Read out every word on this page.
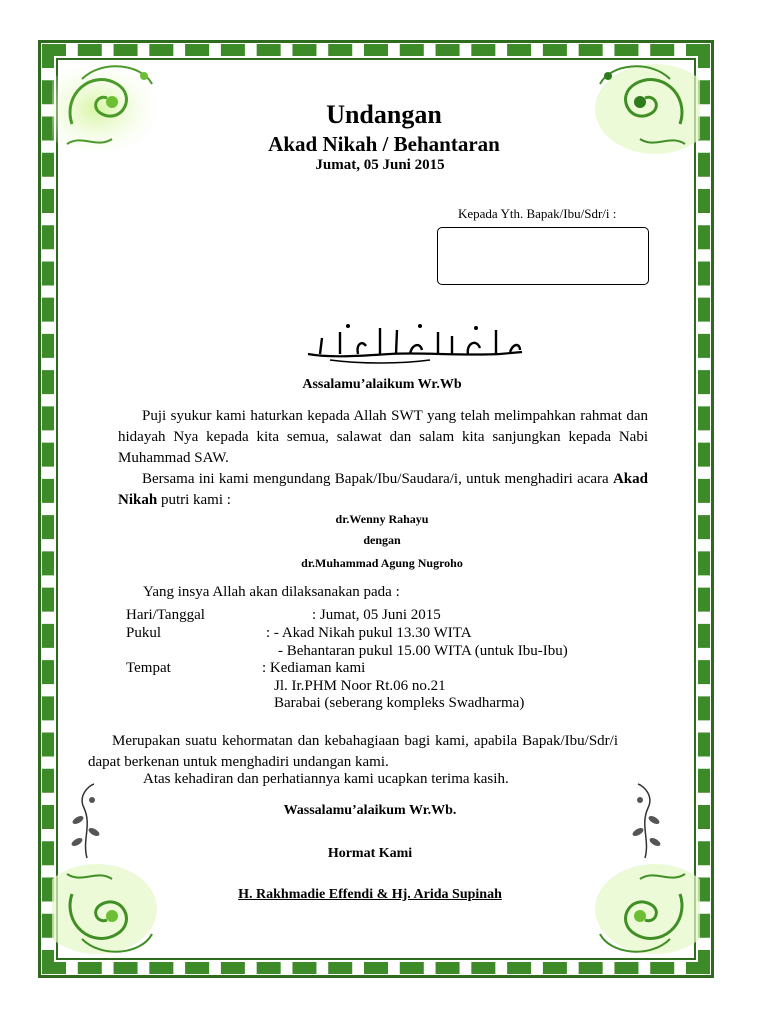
Undangan
Akad Nikah / Behantaran
Jumat, 05 Juni 2015
Kepada Yth. Bapak/Ibu/Sdr/i :
Assalamu’alaikum Wr.Wb
Puji syukur kami haturkan kepada Allah SWT yang telah melimpahkan rahmat dan hidayah Nya kepada kita semua, salawat dan salam kita sanjungkan kepada Nabi Muhammad SAW.
Bersama ini kami mengundang Bapak/Ibu/Saudara/i, untuk menghadiri acara Akad Nikah putri kami :
dr.Wenny Rahayu
dengan
dr.Muhammad Agung Nugroho
Yang insya Allah akan dilaksanakan pada :
Hari/Tanggal	: Jumat, 05 Juni 2015
Pukul	: - Akad Nikah pukul 13.30 WITA
- Behantaran pukul 15.00 WITA (untuk Ibu-Ibu)
Tempat	: Kediaman kami
Jl. Ir.PHM Noor Rt.06 no.21
Barabai (seberang kompleks Swadharma)
Merupakan suatu kehormatan dan kebahagiaan bagi kami, apabila Bapak/Ibu/Sdr/i dapat berkenan untuk menghadiri undangan kami.
Atas kehadiran dan perhatiannya kami ucapkan terima kasih.
Wassalamu’alaikum Wr.Wb.
Hormat Kami
H. Rakhmadie Effendi & Hj. Arida Supinah
